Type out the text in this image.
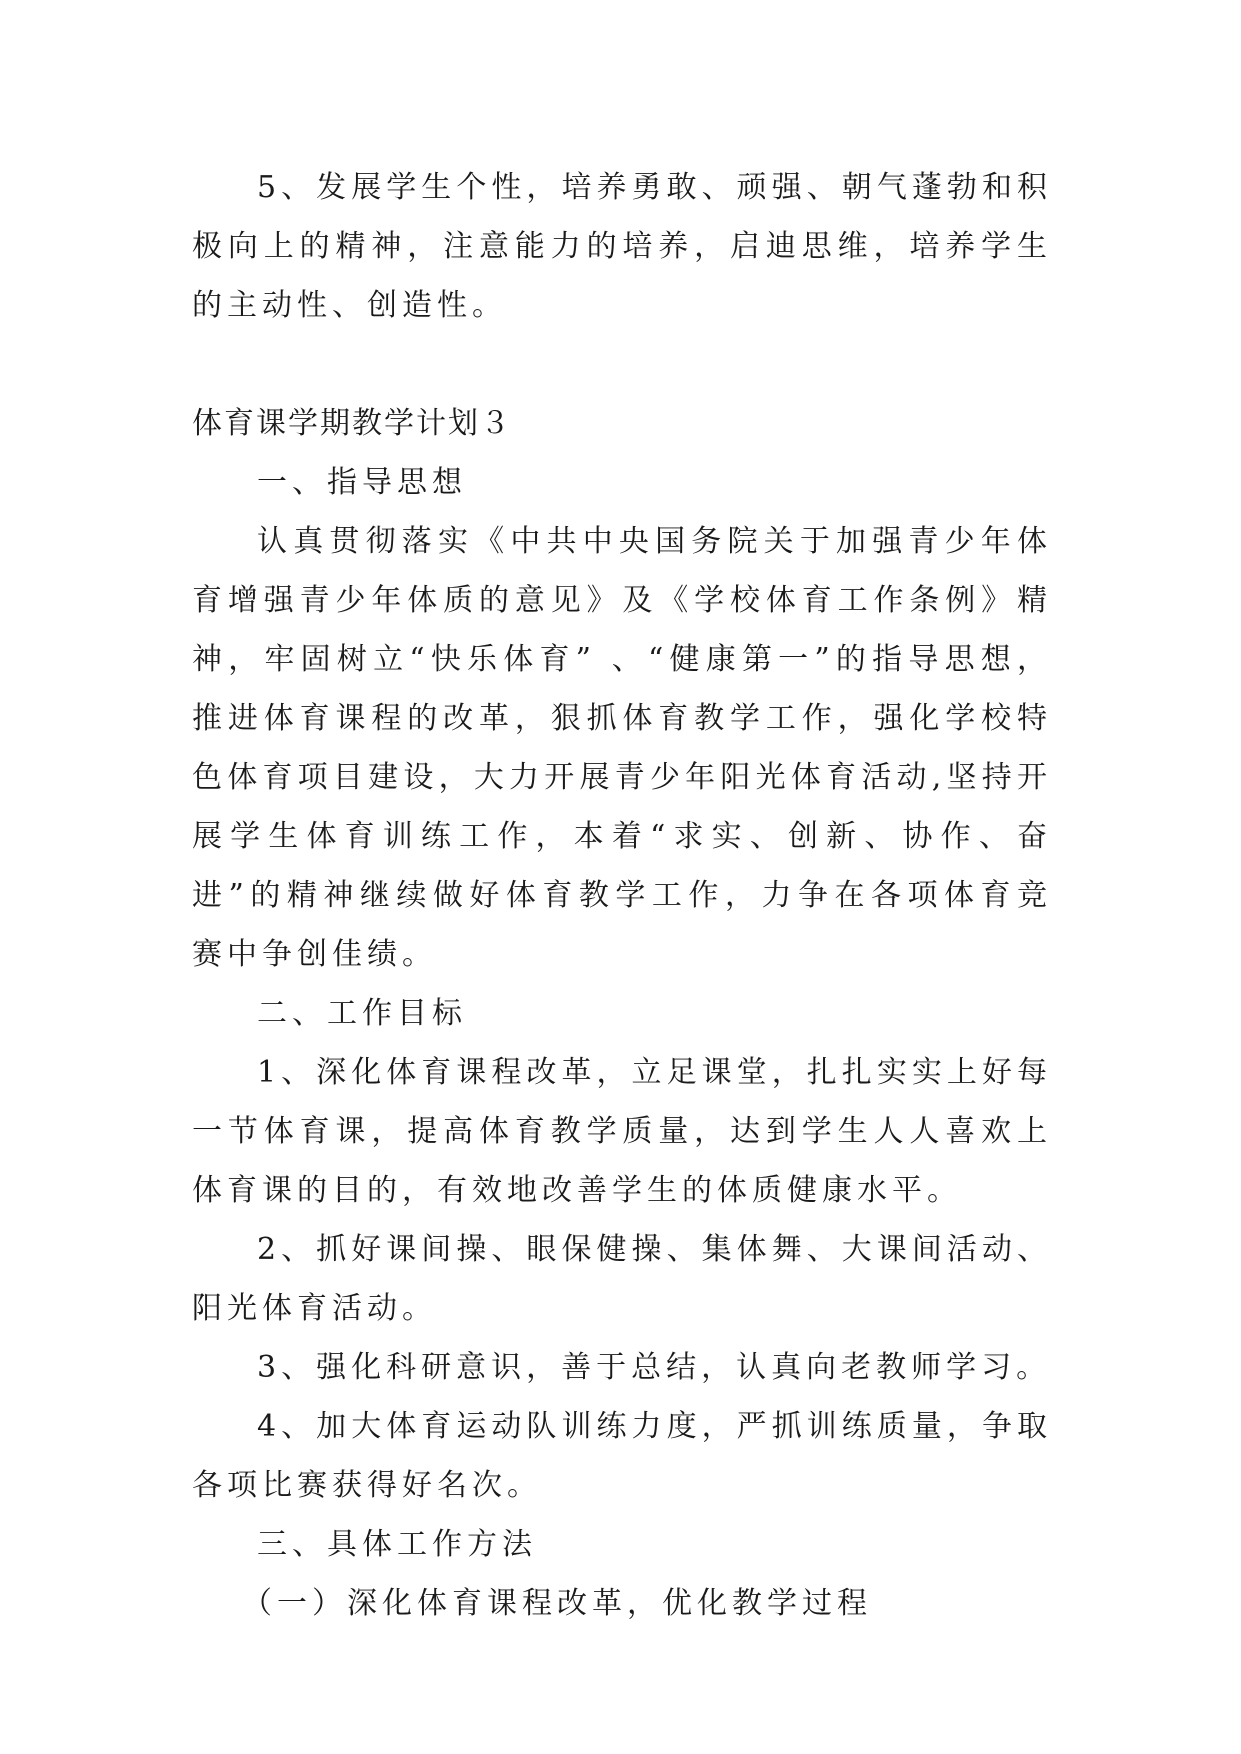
5、发展学生个性，培养勇敢、顽强、朝气蓬勃和积极向上的精神，注意能力的培养，启迪思维，培养学生的主动性、创造性。

体育课学期教学计划３

一、指导思想

认真贯彻落实《中共中央国务院关于加强青少年体育增强青少年体质的意见》及《学校体育工作条例》精神，牢固树立“快乐体育” 、“健康第一”的指导思想，推进体育课程的改革，狠抓体育教学工作，强化学校特色体育项目建设，大力开展青少年阳光体育活动,坚持开展学生体育训练工作，本着“求实、创新、协作、奋进”的精神继续做好体育教学工作，力争在各项体育竞赛中争创佳绩。

二、工作目标

1、深化体育课程改革，立足课堂，扎扎实实上好每一节体育课，提高体育教学质量，达到学生人人喜欢上体育课的目的，有效地改善学生的体质健康水平。

2、抓好课间操、眼保健操、集体舞、大课间活动、阳光体育活动。

3、强化科研意识，善于总结，认真向老教师学习。

4、加大体育运动队训练力度，严抓训练质量，争取各项比赛获得好名次。

三、具体工作方法

（一）深化体育课程改革，优化教学过程
